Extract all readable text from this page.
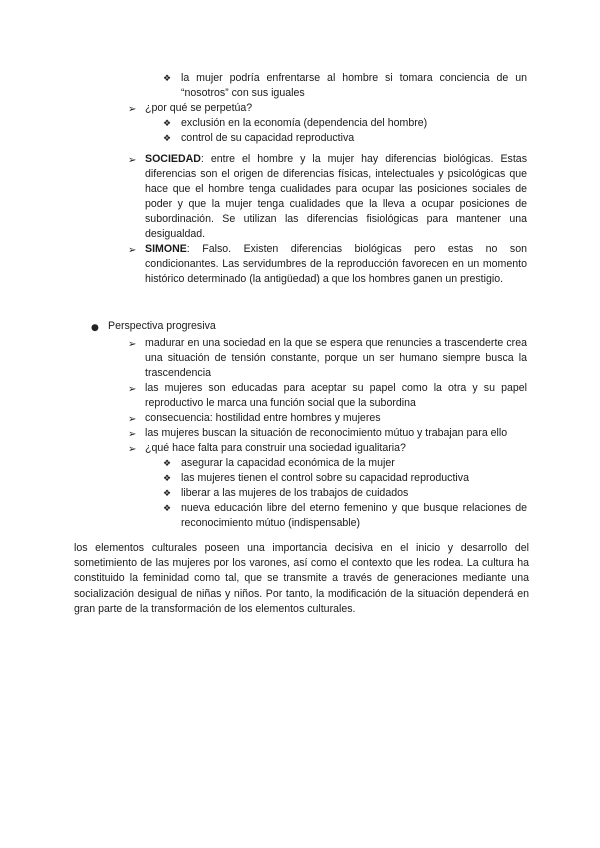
❖ la mujer podría enfrentarse al hombre si tomara conciencia de un “nosotros” con sus iguales
➢ ¿por qué se perpetúa?
❖ exclusión en la economía (dependencia del hombre)
❖ control de su capacidad reproductiva
➢ SOCIEDAD: entre el hombre y la mujer hay diferencias biológicas. Estas diferencias son el origen de diferencias físicas, intelectuales y psicológicas que hace que el hombre tenga cualidades para ocupar las posiciones sociales de poder y que la mujer tenga cualidades que la lleva a ocupar posiciones de subordinación. Se utilizan las diferencias fisiológicas para mantener una desigualdad.
➢ SIMONE: Falso. Existen diferencias biológicas pero estas no son condicionantes. Las servidumbres de la reproducción favorecen en un momento histórico determinado (la antigüedad) a que los hombres ganen un prestigio.
● Perspectiva progresiva
➢ madurar en una sociedad en la que se espera que renuncies a trascenderte crea una situación de tensión constante, porque un ser humano siempre busca la trascendencia
➢ las mujeres son educadas para aceptar su papel como la otra y su papel reproductivo le marca una función social que la subordina
➢ consecuencia: hostilidad entre hombres y mujeres
➢ las mujeres buscan la situación de reconocimiento mútuo y trabajan para ello
➢ ¿qué hace falta para construir una sociedad igualitaria?
❖ asegurar la capacidad económica de la mujer
❖ las mujeres tienen el control sobre su capacidad reproductiva
❖ liberar a las mujeres de los trabajos de cuidados
❖ nueva educación libre del eterno femenino y que busque relaciones de reconocimiento mútuo (indispensable)
los elementos culturales poseen una importancia decisiva en el inicio y desarrollo del sometimiento de las mujeres por los varones, así como el contexto que les rodea. La cultura ha constituido la feminidad como tal, que se transmite a través de generaciones mediante una socialización desigual de niñas y niños. Por tanto, la modificación de la situación dependerá en gran parte de la transformación de los elementos culturales.
